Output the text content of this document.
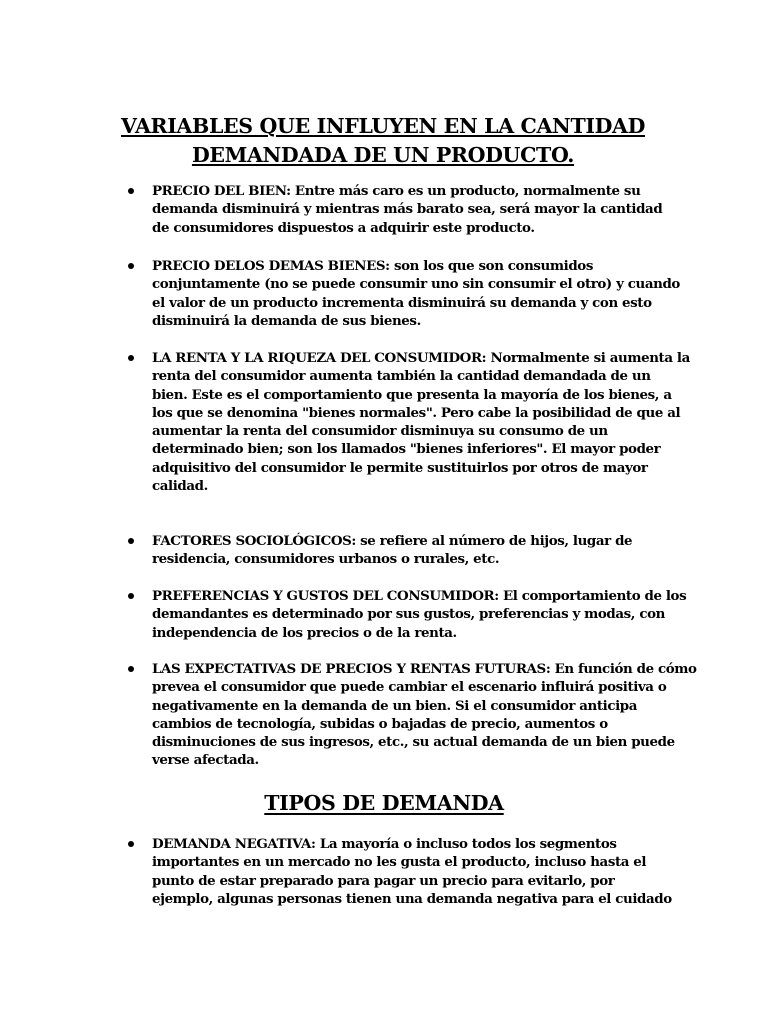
VARIABLES QUE INFLUYEN EN LA CANTIDAD
DEMANDADA DE UN PRODUCTO.
PRECIO DEL BIEN: Entre más caro es un producto, normalmente su
demanda disminuirá y mientras más barato sea, será mayor la cantidad
de consumidores dispuestos a adquirir este producto.
PRECIO DELOS DEMAS BIENES: son los que son consumidos
conjuntamente (no se puede consumir uno sin consumir el otro) y cuando
el valor de un producto incrementa disminuirá su demanda y con esto
disminuirá la demanda de sus bienes.
LA RENTA Y LA RIQUEZA DEL CONSUMIDOR: Normalmente si aumenta la
renta del consumidor aumenta también la cantidad demandada de un
bien. Este es el comportamiento que presenta la mayoría de los bienes, a
los que se denomina "bienes normales". Pero cabe la posibilidad de que al
aumentar la renta del consumidor disminuya su consumo de un
determinado bien; son los llamados "bienes inferiores". El mayor poder
adquisitivo del consumidor le permite sustituirlos por otros de mayor
calidad.
FACTORES SOCIOLÓGICOS: se refiere al número de hijos, lugar de
residencia, consumidores urbanos o rurales, etc.
PREFERENCIAS Y GUSTOS DEL CONSUMIDOR: El comportamiento de los
demandantes es determinado por sus gustos, preferencias y modas, con
independencia de los precios o de la renta.
LAS EXPECTATIVAS DE PRECIOS Y RENTAS FUTURAS: En función de cómo
prevea el consumidor que puede cambiar el escenario influirá positiva o
negativamente en la demanda de un bien. Si el consumidor anticipa
cambios de tecnología, subidas o bajadas de precio, aumentos o
disminuciones de sus ingresos, etc., su actual demanda de un bien puede
verse afectada.
TIPOS DE DEMANDA
DEMANDA NEGATIVA: La mayoría o incluso todos los segmentos
importantes en un mercado no les gusta el producto, incluso hasta el
punto de estar preparado para pagar un precio para evitarlo, por
ejemplo, algunas personas tienen una demanda negativa para el cuidado
